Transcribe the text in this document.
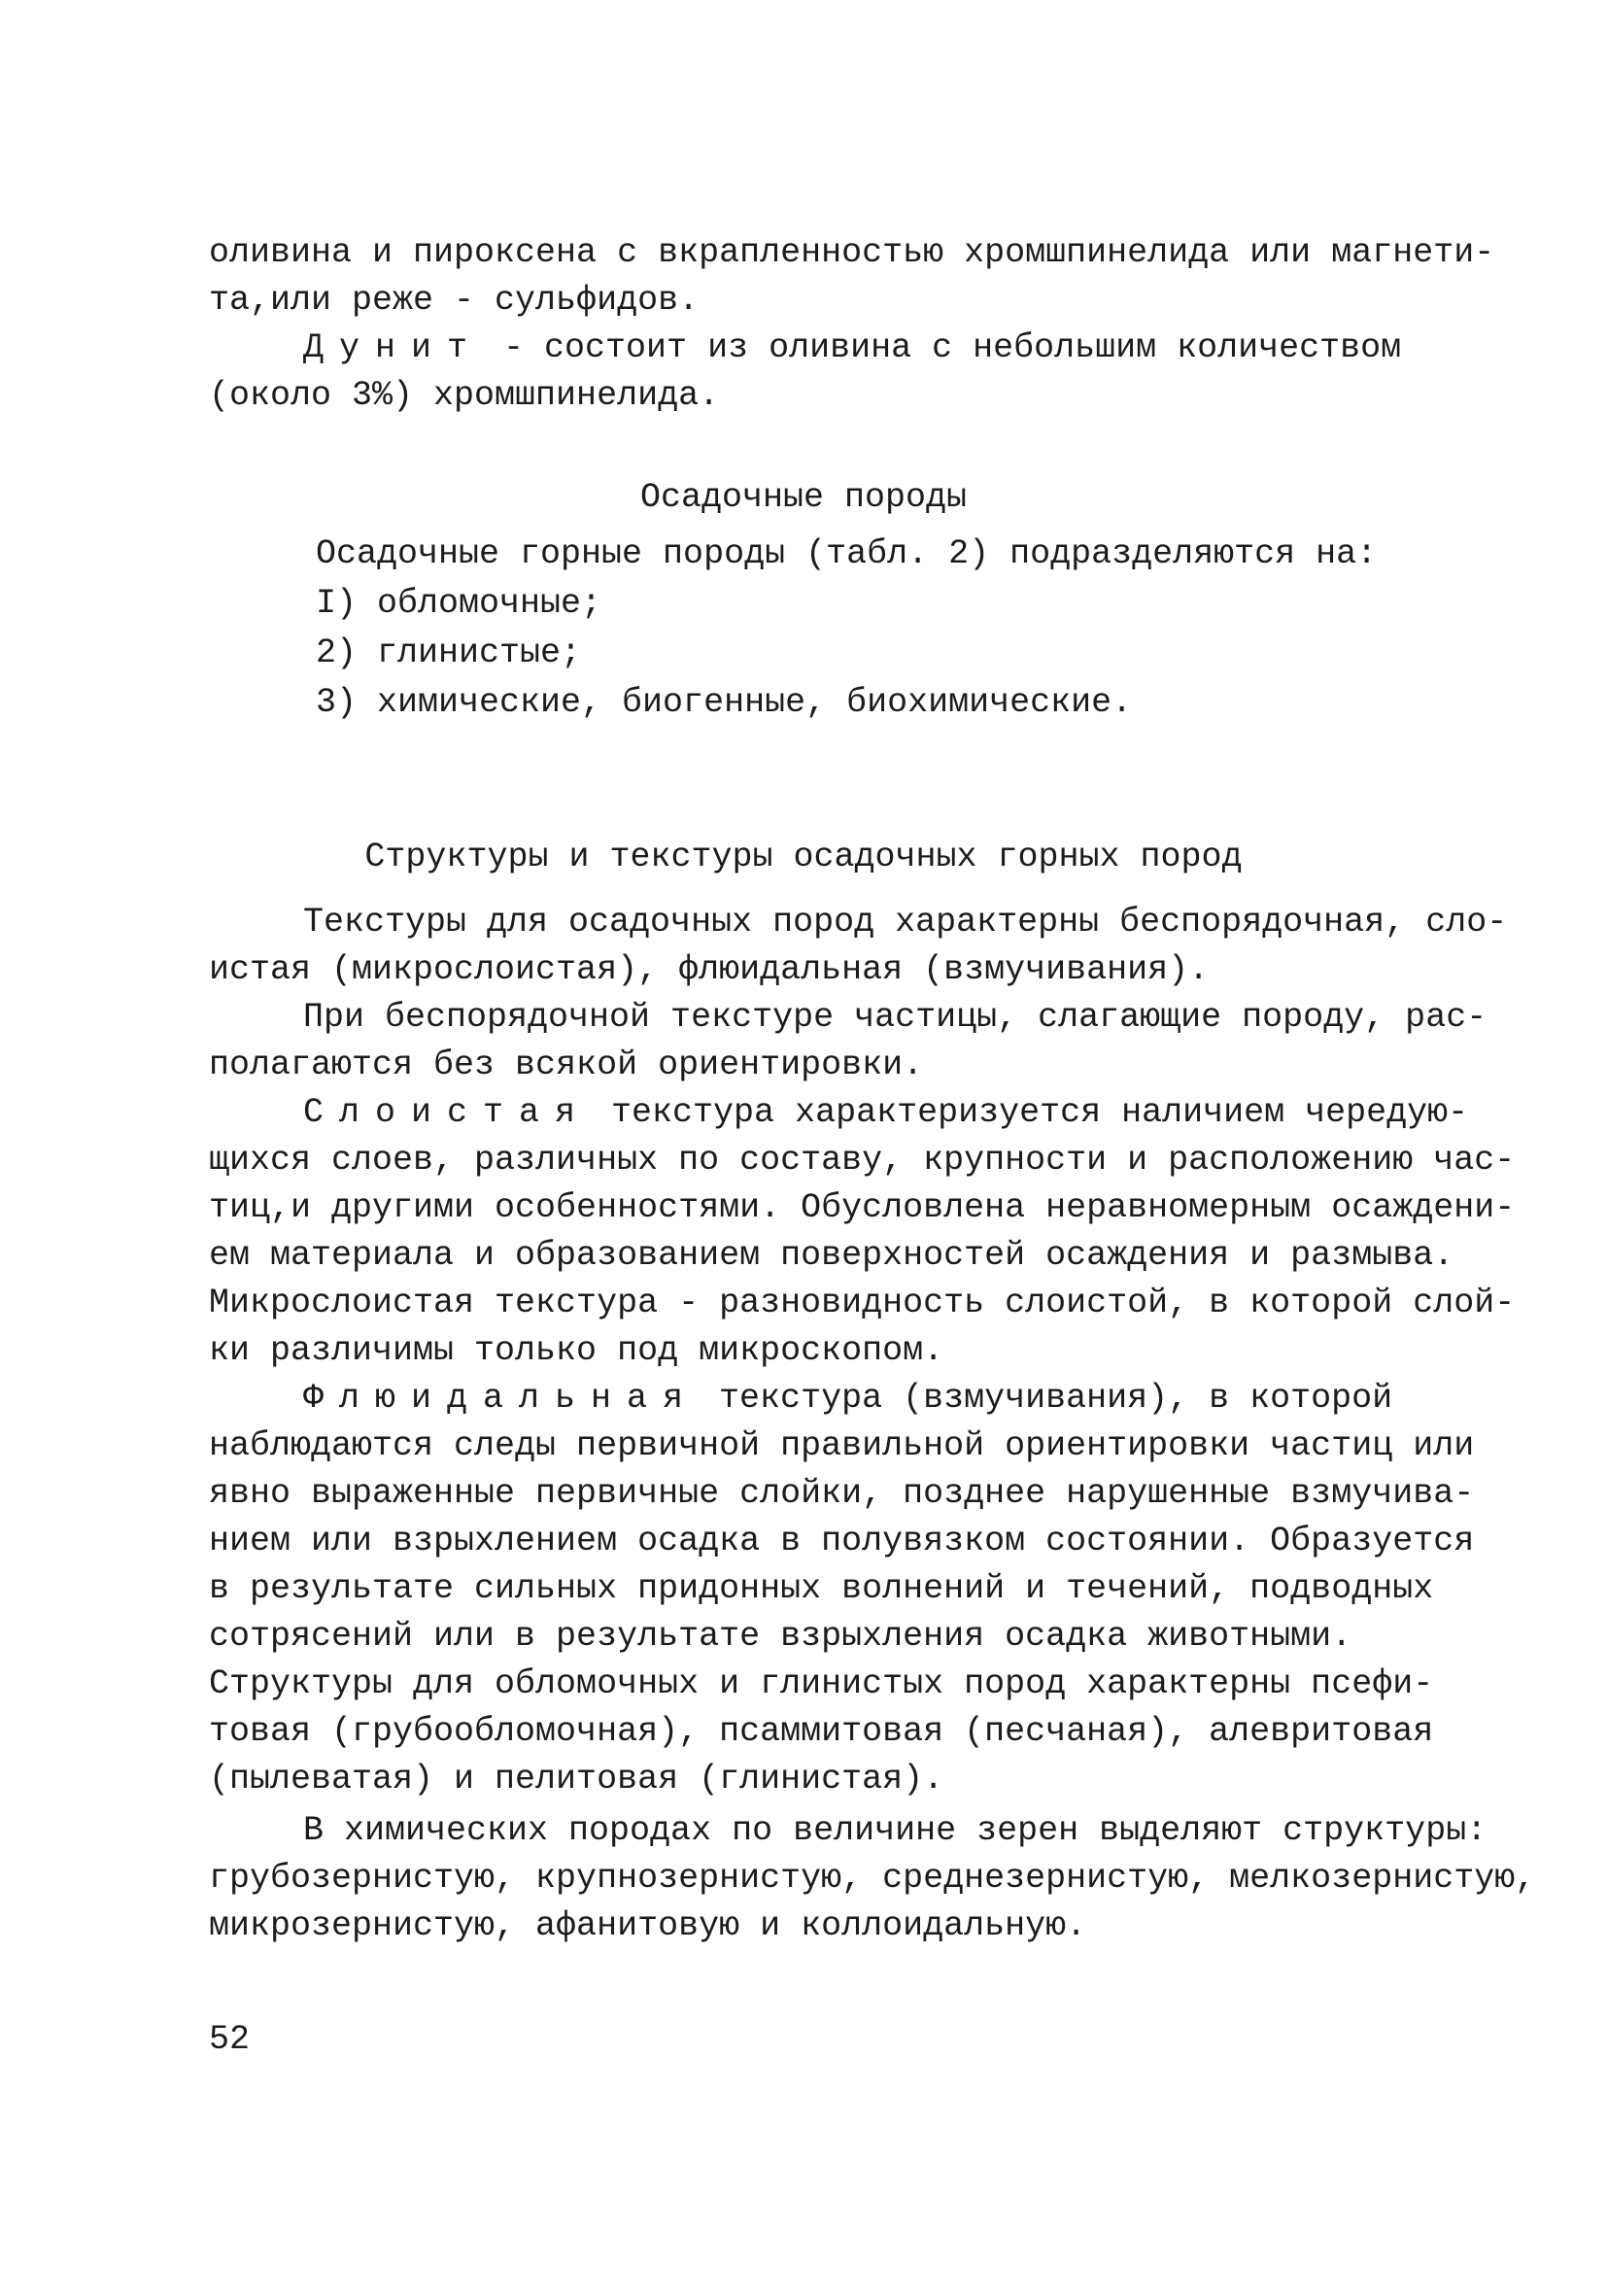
оливина и пироксена с вкрапленностью хромшпинелида или магнети-
та,или реже - сульфидов.
Дунит - состоит из оливина с небольшим количеством
(около 3%) хромшпинелида.
Осадочные породы
Осадочные горные породы (табл. 2) подразделяются на:
I) обломочные;
2) глинистые;
3) химические, биогенные, биохимические.
Структуры и текстуры осадочных горных пород
Текстуры для осадочных пород характерны беспорядочная, сло-
истая (микрослоистая), флюидальная (взмучивания).
При беспорядочной текстуре частицы, слагающие породу, рас-
полагаются без всякой ориентировки.
Слоистая текстура характеризуется наличием чередую-
щихся слоев, различных по составу, крупности и расположению час-
тиц,и другими особенностями. Обусловлена неравномерным осаждени-
ем материала и образованием поверхностей осаждения и размыва.
Микрослоистая текстура - разновидность слоистой, в которой слой-
ки различимы только под микроскопом.
Флюидальная текстура (взмучивания), в которой
наблюдаются следы первичной правильной ориентировки частиц или
явно выраженные первичные слойки, позднее нарушенные взмучива-
нием или взрыхлением осадка в полувязком состоянии. Образуется
в результате сильных придонных волнений и течений, подводных
сотрясений или в результате взрыхления осадка животными.
Структуры для обломочных и глинистых пород характерны псефи-
товая (грубообломочная), псаммитовая (песчаная), алевритовая
(пылеватая) и пелитовая (глинистая).
В химических породах по величине зерен выделяют структуры:
грубозернистую, крупнозернистую, среднезернистую, мелкозернистую,
микрозернистую, афанитовую и коллоидальную.
52
